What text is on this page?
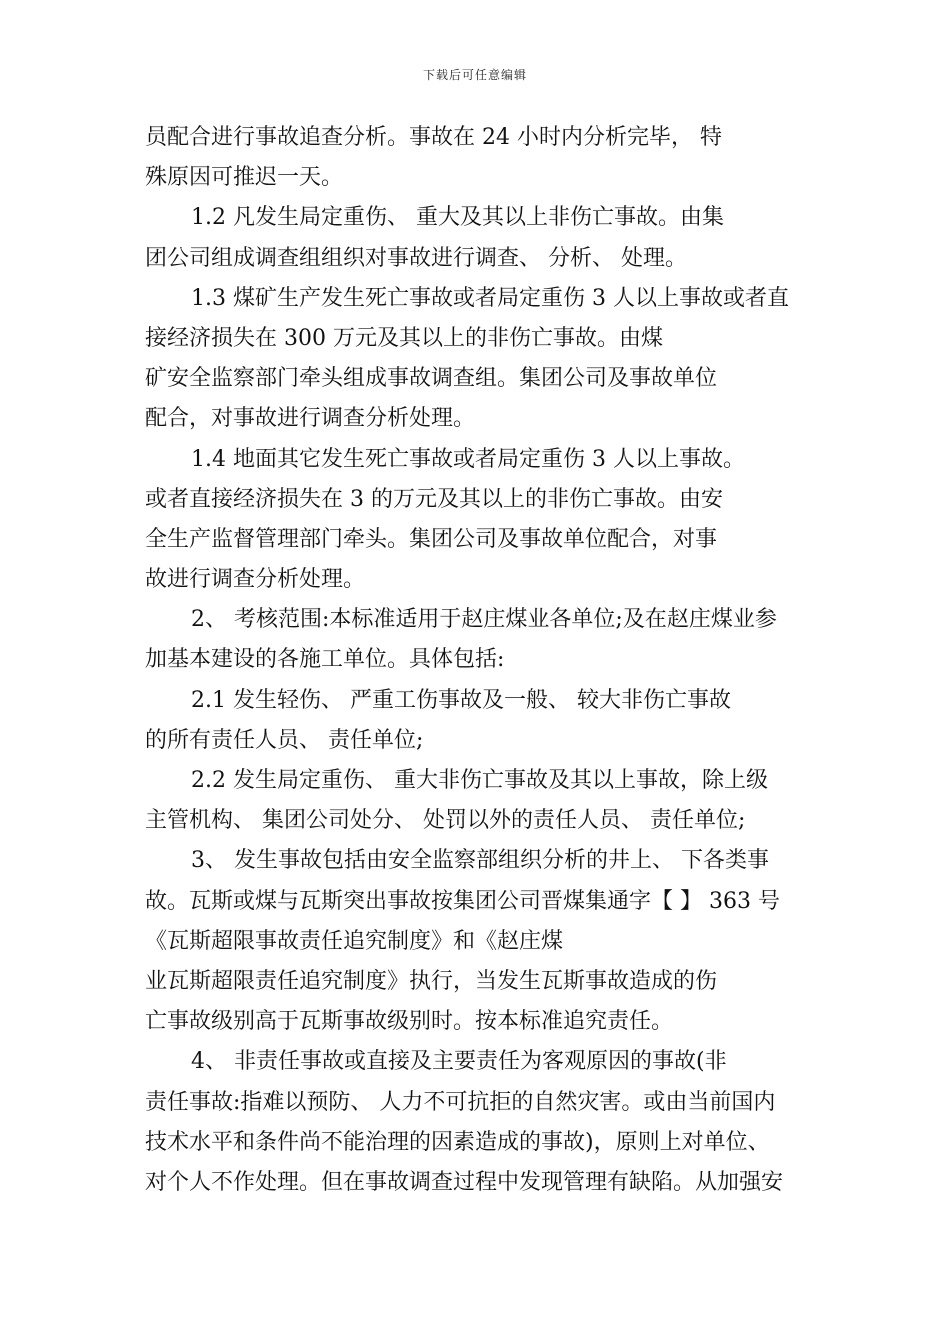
下载后可任意编辑
员配合进行事故追查分析。事故在 24 小时内分析完毕， 特
殊原因可推迟一天。
1.2 凡发生局定重伤、 重大及其以上非伤亡事故。由集
团公司组成调查组组织对事故进行调查、 分析、 处理。
1.3 煤矿生产发生死亡事故或者局定重伤 3 人以上事故或者直
接经济损失在 300 万元及其以上的非伤亡事故。由煤
矿安全监察部门牵头组成事故调查组。集团公司及事故单位
配合，对事故进行调查分析处理。
1.4 地面其它发生死亡事故或者局定重伤 3 人以上事故。
或者直接经济损失在 3 的万元及其以上的非伤亡事故。由安
全生产监督管理部门牵头。集团公司及事故单位配合，对事
故进行调查分析处理。
2、 考核范围:本标准适用于赵庄煤业各单位;及在赵庄煤业参
加基本建设的各施工单位。具体包括:
2.1 发生轻伤、 严重工伤事故及一般、 较大非伤亡事故
的所有责任人员、 责任单位;
2.2 发生局定重伤、 重大非伤亡事故及其以上事故，除上级
主管机构、 集团公司处分、 处罚以外的责任人员、 责任单位;
3、 发生事故包括由安全监察部组织分析的井上、 下各类事
故。瓦斯或煤与瓦斯突出事故按集团公司晋煤集通字【 】 363 号
《瓦斯超限事故责任追究制度》和《赵庄煤
业瓦斯超限责任追究制度》执行，当发生瓦斯事故造成的伤
亡事故级别高于瓦斯事故级别时。按本标准追究责任。
4、 非责任事故或直接及主要责任为客观原因的事故(非
责任事故:指难以预防、 人力不可抗拒的自然灾害。或由当前国内
技术水平和条件尚不能治理的因素造成的事故)，原则上对单位、
对个人不作处理。但在事故调查过程中发现管理有缺陷。从加强安
